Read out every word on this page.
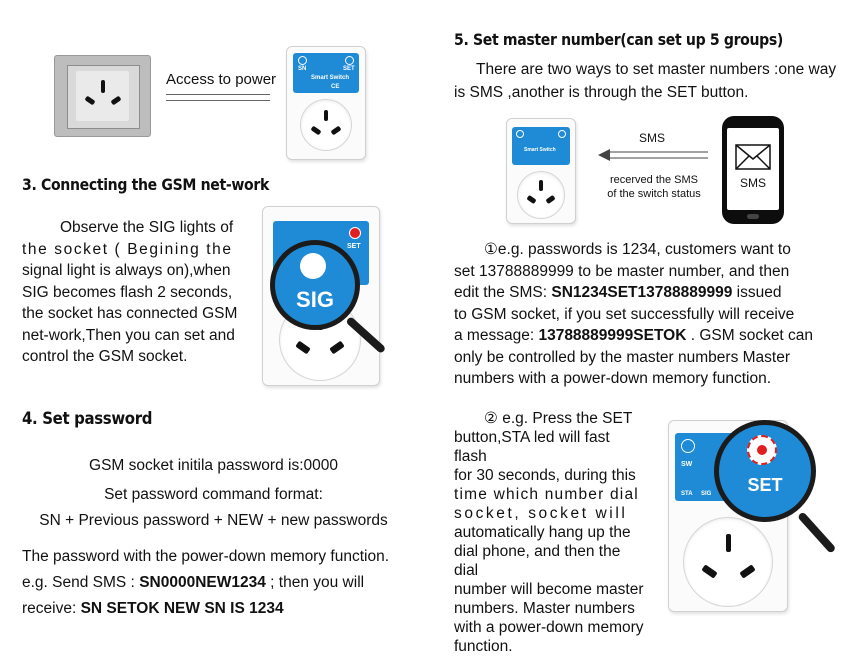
Access to power
SN	SET
Smart Switch
CE
3. Connecting the GSM net-work

Observe the SIG lights of

the socket ( Begining the

signal light is always on),when

SIG becomes flash 2 seconds,

the socket has connected GSM

net-work,Then you can set and

control the GSM socket.

SET
SIG
4. Set password

GSM socket initila password is:0000

Set password command format:

SN + Previous password + NEW + new passwords

The password with the power-down memory function.

e.g. Send SMS : SN0000NEW1234 ; then you will

receive: SN SETOK NEW SN IS 1234

5. Set master number(can set up 5 groups)

There are two ways to set master numbers :one way

is SMS ,another is through the SET button.

Smart Switch
SMS
recerved the SMS
of the switch status
SMS

①e.g. passwords is 1234, customers want to

set 13788889999 to be master number, and then

edit the SMS: SN1234SET13788889999 issued

to GSM socket, if you set successfully will receive

a message: 13788889999SETOK . GSM socket can

only be controlled by the master numbers Master

numbers with a power-down memory function.

② e.g. Press the SET

button,STA led will fast flash

for 30 seconds, during this

time which number dial

socket, socket will

automatically hang up the

dial phone, and then the dial

number will become master

numbers. Master numbers

with a power-down memory

function.

SW
STA SIG	SET
